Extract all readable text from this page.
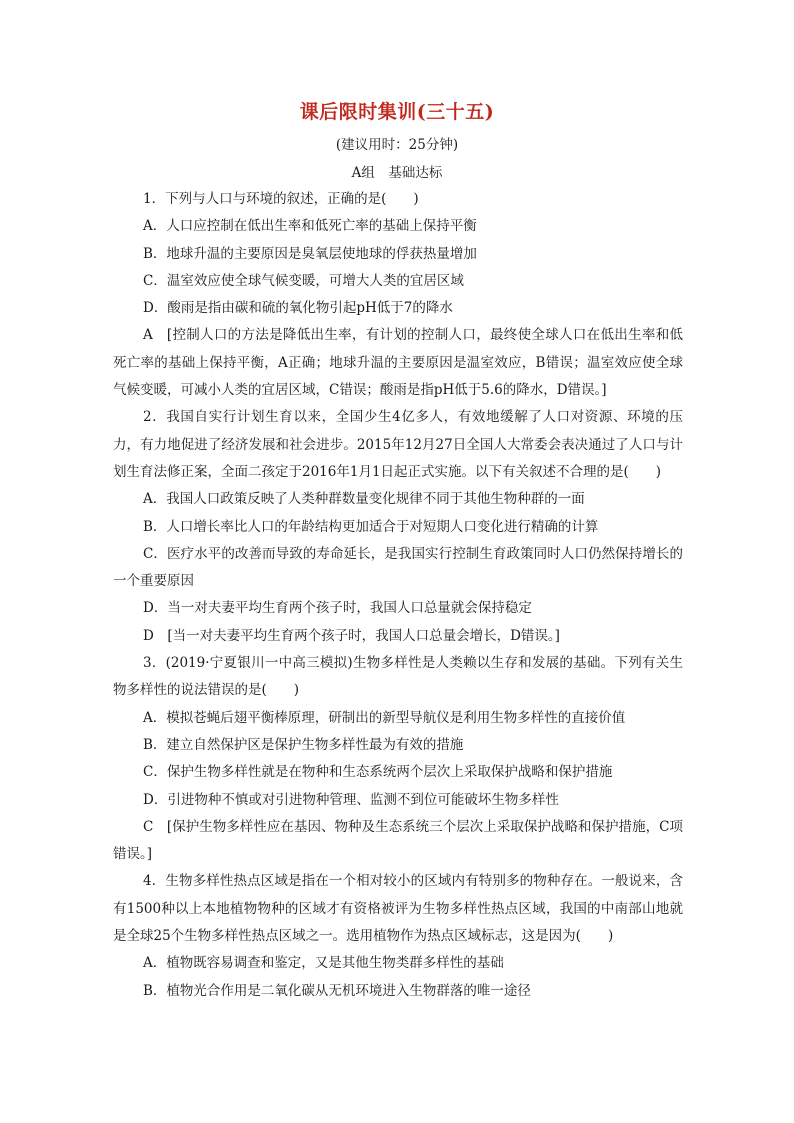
课后限时集训(三十五)
(建议用时：25分钟)
A组　基础达标

1．下列与人口与环境的叙述，正确的是(　　)

A．人口应控制在低出生率和低死亡率的基础上保持平衡

B．地球升温的主要原因是臭氧层使地球的俘获热量增加

C．温室效应使全球气候变暖，可增大人类的宜居区域

D．酸雨是指由碳和硫的氧化物引起pH低于7的降水

A　[控制人口的方法是降低出生率，有计划的控制人口，最终使全球人口在低出生率和低死亡率的基础上保持平衡，A正确；地球升温的主要原因是温室效应，B错误；温室效应使全球气候变暖，可减小人类的宜居区域，C错误；酸雨是指pH低于5.6的降水，D错误。]

2．我国自实行计划生育以来，全国少生4亿多人，有效地缓解了人口对资源、环境的压力，有力地促进了经济发展和社会进步。2015年12月27日全国人大常委会表决通过了人口与计划生育法修正案，全面二孩定于2016年1月1日起正式实施。以下有关叙述不合理的是(　　)

A．我国人口政策反映了人类种群数量变化规律不同于其他生物种群的一面

B．人口增长率比人口的年龄结构更加适合于对短期人口变化进行精确的计算

C．医疗水平的改善而导致的寿命延长，是我国实行控制生育政策同时人口仍然保持增长的一个重要原因

D．当一对夫妻平均生育两个孩子时，我国人口总量就会保持稳定

D　[当一对夫妻平均生育两个孩子时，我国人口总量会增长，D错误。]

3．(2019·宁夏银川一中高三模拟)生物多样性是人类赖以生存和发展的基础。下列有关生物多样性的说法错误的是(　　)

A．模拟苍蝇后翅平衡棒原理，研制出的新型导航仪是利用生物多样性的直接价值

B．建立自然保护区是保护生物多样性最为有效的措施

C．保护生物多样性就是在物种和生态系统两个层次上采取保护战略和保护措施

D．引进物种不慎或对引进物种管理、监测不到位可能破坏生物多样性

C　[保护生物多样性应在基因、物种及生态系统三个层次上采取保护战略和保护措施，C项错误。]

4．生物多样性热点区域是指在一个相对较小的区域内有特别多的物种存在。一般说来，含有1500种以上本地植物物种的区域才有资格被评为生物多样性热点区域，我国的中南部山地就是全球25个生物多样性热点区域之一。选用植物作为热点区域标志，这是因为(　　)

A．植物既容易调查和鉴定，又是其他生物类群多样性的基础

B．植物光合作用是二氧化碳从无机环境进入生物群落的唯一途径
